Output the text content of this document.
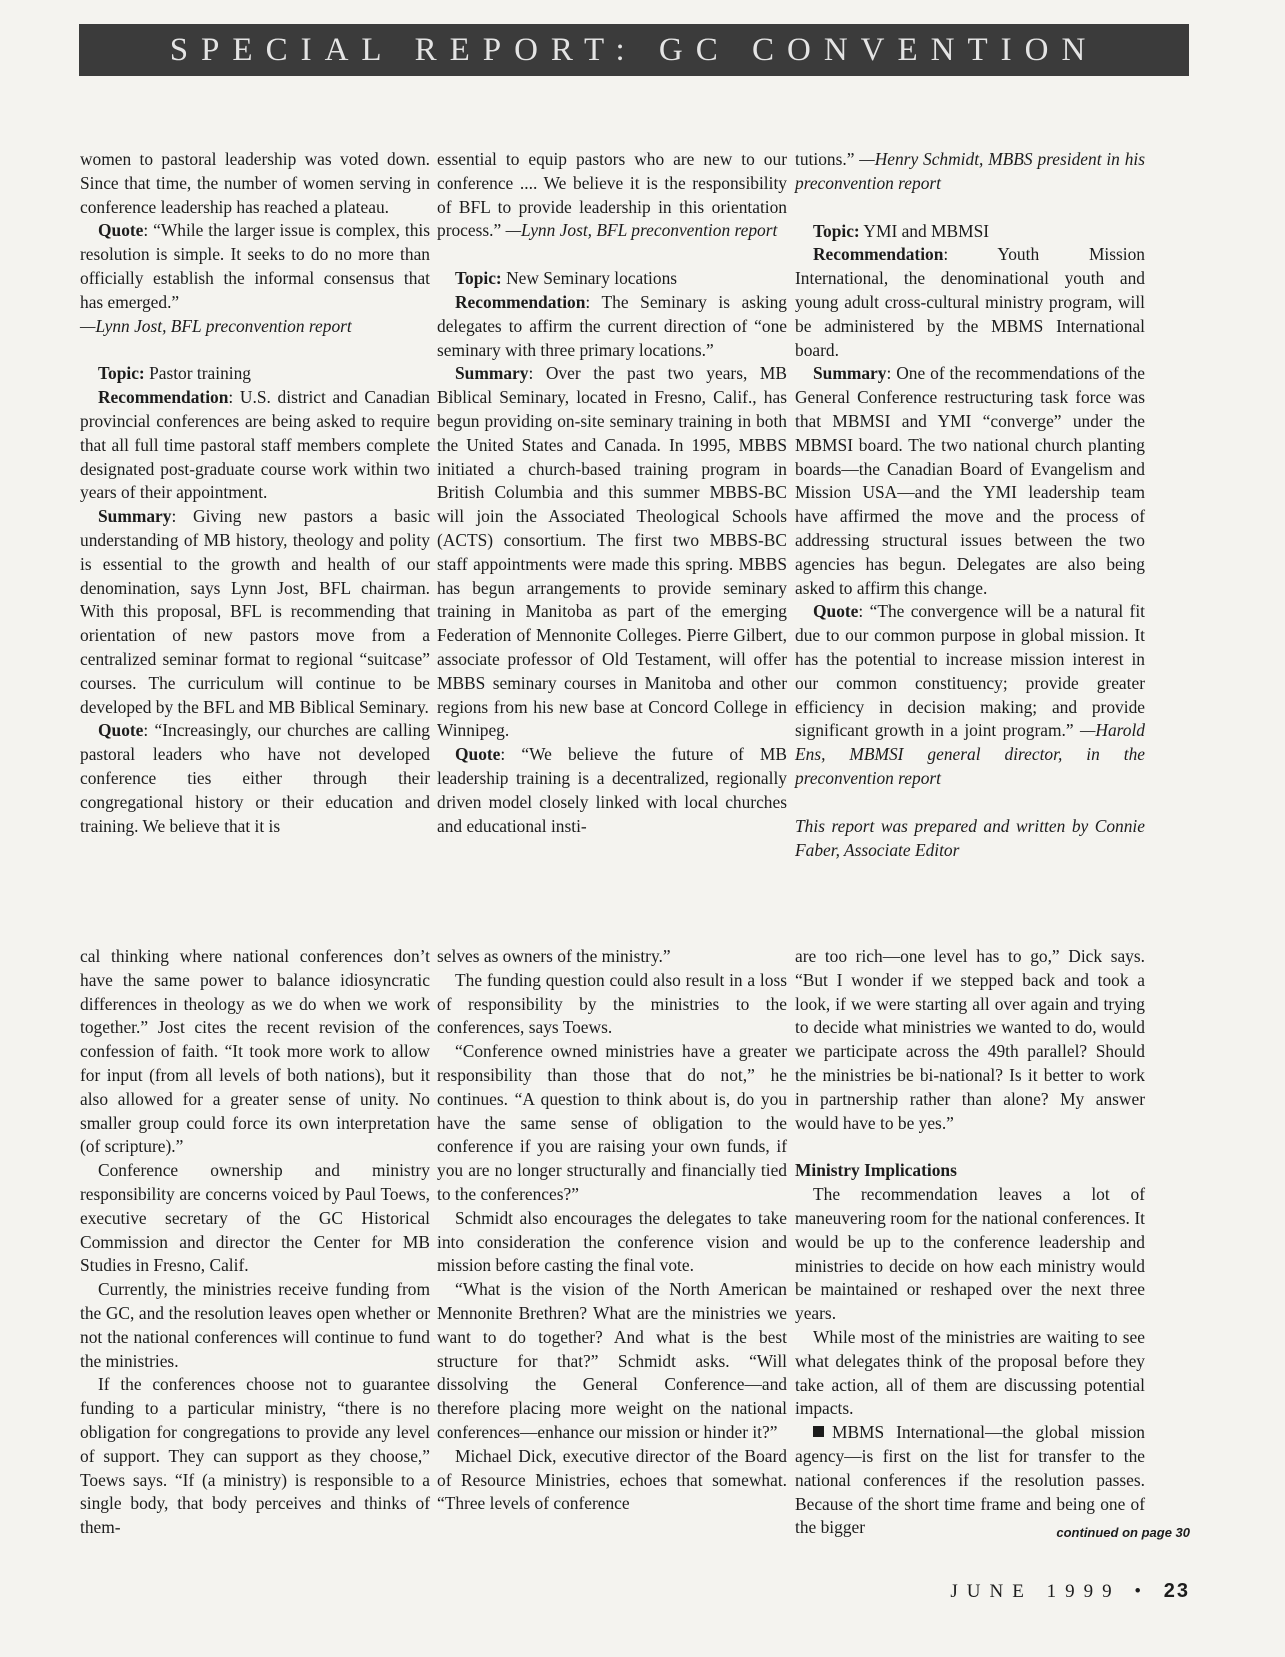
SPECIAL REPORT: GC CONVENTION

women to pastoral leadership was voted down. Since that time, the number of women serving in conference leadership has reached a plateau.

Quote: “While the larger issue is complex, this resolution is simple. It seeks to do no more than officially establish the informal consensus that has emerged.”

—Lynn Jost, BFL preconvention report

Topic: Pastor training

Recommendation: U.S. district and Canadian provincial conferences are being asked to require that all full time pastoral staff members complete designated post-graduate course work within two years of their appointment.

Summary: Giving new pastors a basic understanding of MB history, theology and polity is essential to the growth and health of our denomination, says Lynn Jost, BFL chairman. With this proposal, BFL is recommending that orientation of new pastors move from a centralized seminar format to regional “suitcase” courses. The curriculum will continue to be developed by the BFL and MB Biblical Seminary.

Quote: “Increasingly, our churches are calling pastoral leaders who have not developed conference ties either through their congregational history or their education and training. We believe that it is

essential to equip pastors who are new to our conference .... We believe it is the responsibility of BFL to provide leadership in this orientation process.” —Lynn Jost, BFL preconvention report

Topic: New Seminary locations

Recommendation: The Seminary is asking delegates to affirm the current direction of “one seminary with three primary locations.”

Summary: Over the past two years, MB Biblical Seminary, located in Fresno, Calif., has begun providing on-site seminary training in both the United States and Canada. In 1995, MBBS initiated a church-based training program in British Columbia and this summer MBBS-BC will join the Associated Theological Schools (ACTS) consortium. The first two MBBS-BC staff appointments were made this spring. MBBS has begun arrangements to provide seminary training in Manitoba as part of the emerging Federation of Mennonite Colleges. Pierre Gilbert, associate professor of Old Testament, will offer MBBS seminary courses in Manitoba and other regions from his new base at Concord College in Winnipeg.

Quote: “We believe the future of MB leadership training is a decentralized, regionally driven model closely linked with local churches and educational insti-

tutions.” —Henry Schmidt, MBBS president in his preconvention report

Topic: YMI and MBMSI

Recommendation: Youth Mission International, the denominational youth and young adult cross-cultural ministry program, will be administered by the MBMS International board.

Summary: One of the recommendations of the General Conference restructuring task force was that MBMSI and YMI “converge” under the MBMSI board. The two national church planting boards—the Canadian Board of Evangelism and Mission USA—and the YMI leadership team have affirmed the move and the process of addressing structural issues between the two agencies has begun. Delegates are also being asked to affirm this change.

Quote: “The convergence will be a natural fit due to our common purpose in global mission. It has the potential to increase mission interest in our common constituency; provide greater efficiency in decision making; and provide significant growth in a joint program.” —Harold Ens, MBMSI general director, in the preconvention report

This report was prepared and written by Connie Faber, Associate Editor

cal thinking where national conferences don’t have the same power to balance idiosyncratic differences in theology as we do when we work together.” Jost cites the recent revision of the confession of faith. “It took more work to allow for input (from all levels of both nations), but it also allowed for a greater sense of unity. No smaller group could force its own interpretation (of scripture).”

Conference ownership and ministry responsibility are concerns voiced by Paul Toews, executive secretary of the GC Historical Commission and director the Center for MB Studies in Fresno, Calif.

Currently, the ministries receive funding from the GC, and the resolution leaves open whether or not the national conferences will continue to fund the ministries.

If the conferences choose not to guarantee funding to a particular ministry, “there is no obligation for congregations to provide any level of support. They can support as they choose,” Toews says. “If (a ministry) is responsible to a single body, that body perceives and thinks of them-

selves as owners of the ministry.”

The funding question could also result in a loss of responsibility by the ministries to the conferences, says Toews.

“Conference owned ministries have a greater responsibility than those that do not,” he continues. “A question to think about is, do you have the same sense of obligation to the conference if you are raising your own funds, if you are no longer structurally and financially tied to the conferences?”

Schmidt also encourages the delegates to take into consideration the conference vision and mission before casting the final vote.

“What is the vision of the North American Mennonite Brethren? What are the ministries we want to do together? And what is the best structure for that?” Schmidt asks. “Will dissolving the General Conference—and therefore placing more weight on the national conferences—enhance our mission or hinder it?”

Michael Dick, executive director of the Board of Resource Ministries, echoes that somewhat. “Three levels of conference

are too rich—one level has to go,” Dick says. “But I wonder if we stepped back and took a look, if we were starting all over again and trying to decide what ministries we wanted to do, would we participate across the 49th parallel? Should the ministries be bi-national? Is it better to work in partnership rather than alone? My answer would have to be yes.”

Ministry Implications

The recommendation leaves a lot of maneuvering room for the national conferences. It would be up to the conference leadership and ministries to decide on how each ministry would be maintained or reshaped over the next three years.

While most of the ministries are waiting to see what delegates think of the proposal before they take action, all of them are discussing potential impacts.

MBMS International—the global mission agency—is first on the list for transfer to the national conferences if the resolution passes. Because of the short time frame and being one of the bigger	continued on page 30
JUNE 1999 • 23
